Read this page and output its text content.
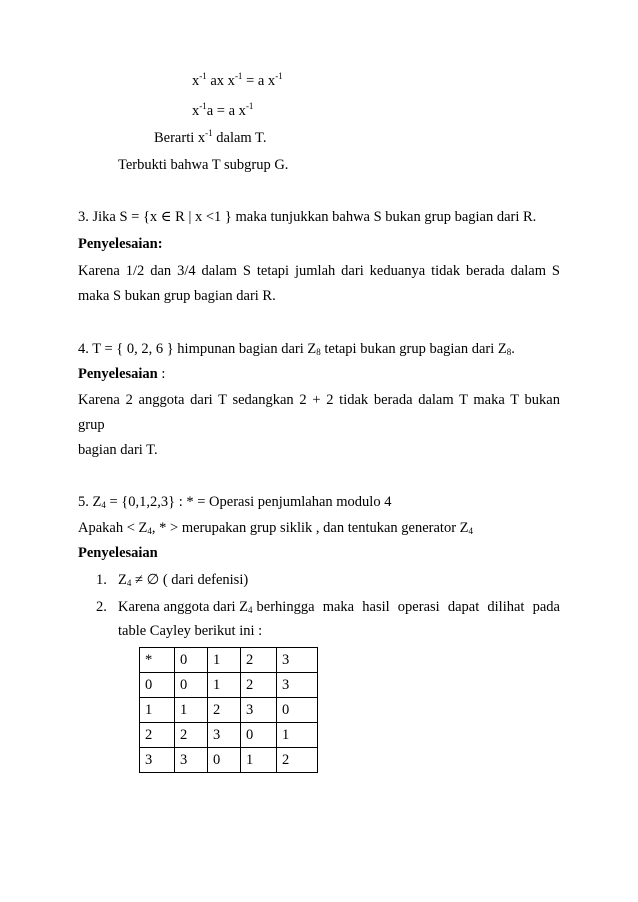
$x^{-1}$ ax $x^{-1} = a$ $x^{-1}$
$x^{-1}a = a$ $x^{-1}$
Berarti $x^{-1}$ dalam T.
Terbukti bahwa T subgrup G.
3. Jika S = {x ∈ R | x <1 } maka tunjukkan bahwa S bukan grup bagian dari R.
Penyelesaian:
Karena 1/2 dan 3/4 dalam S tetapi jumlah dari keduanya tidak berada dalam S
maka S bukan grup bagian dari R.
4. T = { 0, 2, 6 } himpunan bagian dari $Z_8$ tetapi bukan grup bagian dari $Z_8$.
Penyelesaian :
Karena 2 anggota dari T sedangkan 2 + 2 tidak berada dalam T maka T bukan
grup
bagian dari T.
5. $Z_4 = \{0,1,2,3\}$ : * = Operasi penjumlahan modulo 4
Apakah < $Z_4$, * > merupakan grup siklik , dan tentukan generator $Z_4$
Penyelesaian
1. $Z_4$ ≠ ∅ ( dari defenisi)
2. Karena anggota dari $Z_4$ berhingga maka hasil operasi dapat dilihat pada
table Cayley berikut ini :
*	0	1	2	3
0	0	1	2	3
1	1	2	3	0
2	2	3	0	1
3	3	0	1	2
